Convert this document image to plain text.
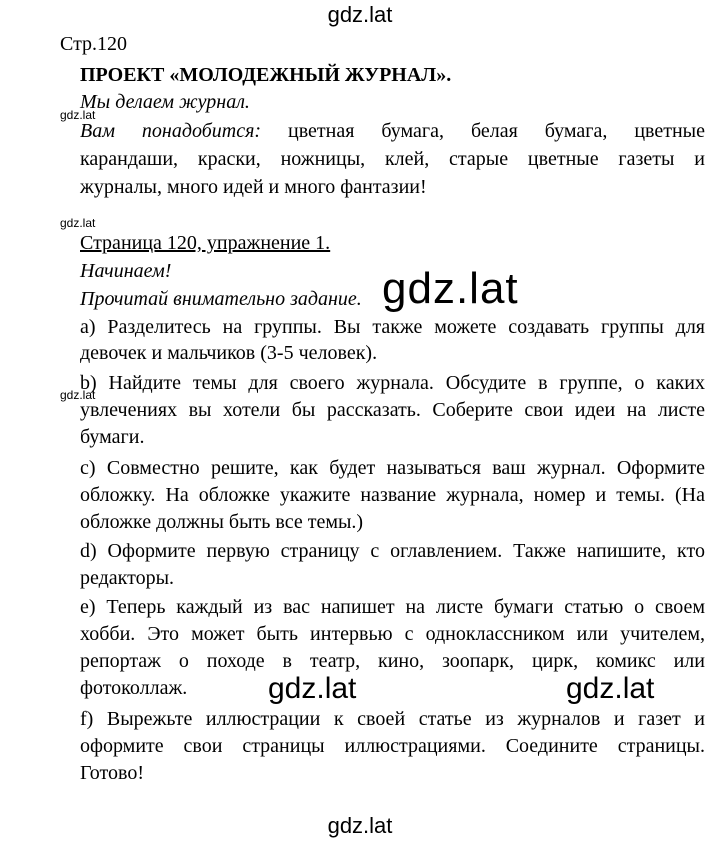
gdz.lat
gdz.lat
gdz.lat
gdz.lat
gdz.lat
gdz.lat	gdz.lat
gdz.lat
Стр.120
ПРОЕКТ «МОЛОДЕЖНЫЙ ЖУРНАЛ».
Мы делаем журнал.
Вам понадобится: цветная бумага, белая бумага, цветные
карандаши, краски, ножницы, клей, старые цветные газеты и
журналы, много идей и много фантазии!
Страница 120, упражнение 1.
Начинаем!
Прочитай внимательно задание.
а) Разделитесь на группы. Вы также можете создавать группы для
девочек и мальчиков (3-5 человек).
b) Найдите темы для своего журнала. Обсудите в группе, о каких
увлечениях вы хотели бы рассказать. Соберите свои идеи на листе
бумаги.
c) Совместно решите, как будет называться ваш журнал. Оформите
обложку. На обложке укажите название журнала, номер и темы. (На
обложке должны быть все темы.)
d) Оформите первую страницу с оглавлением. Также напишите, кто
редакторы.
e) Теперь каждый из вас напишет на листе бумаги статью о своем
хобби. Это может быть интервью с одноклассником или учителем,
репортаж о походе в театр, кино, зоопарк, цирк, комикс или
фотоколлаж.
f) Вырежьте иллюстрации к своей статье из журналов и газет и
оформите свои страницы иллюстрациями. Соедините страницы.
Готово!
